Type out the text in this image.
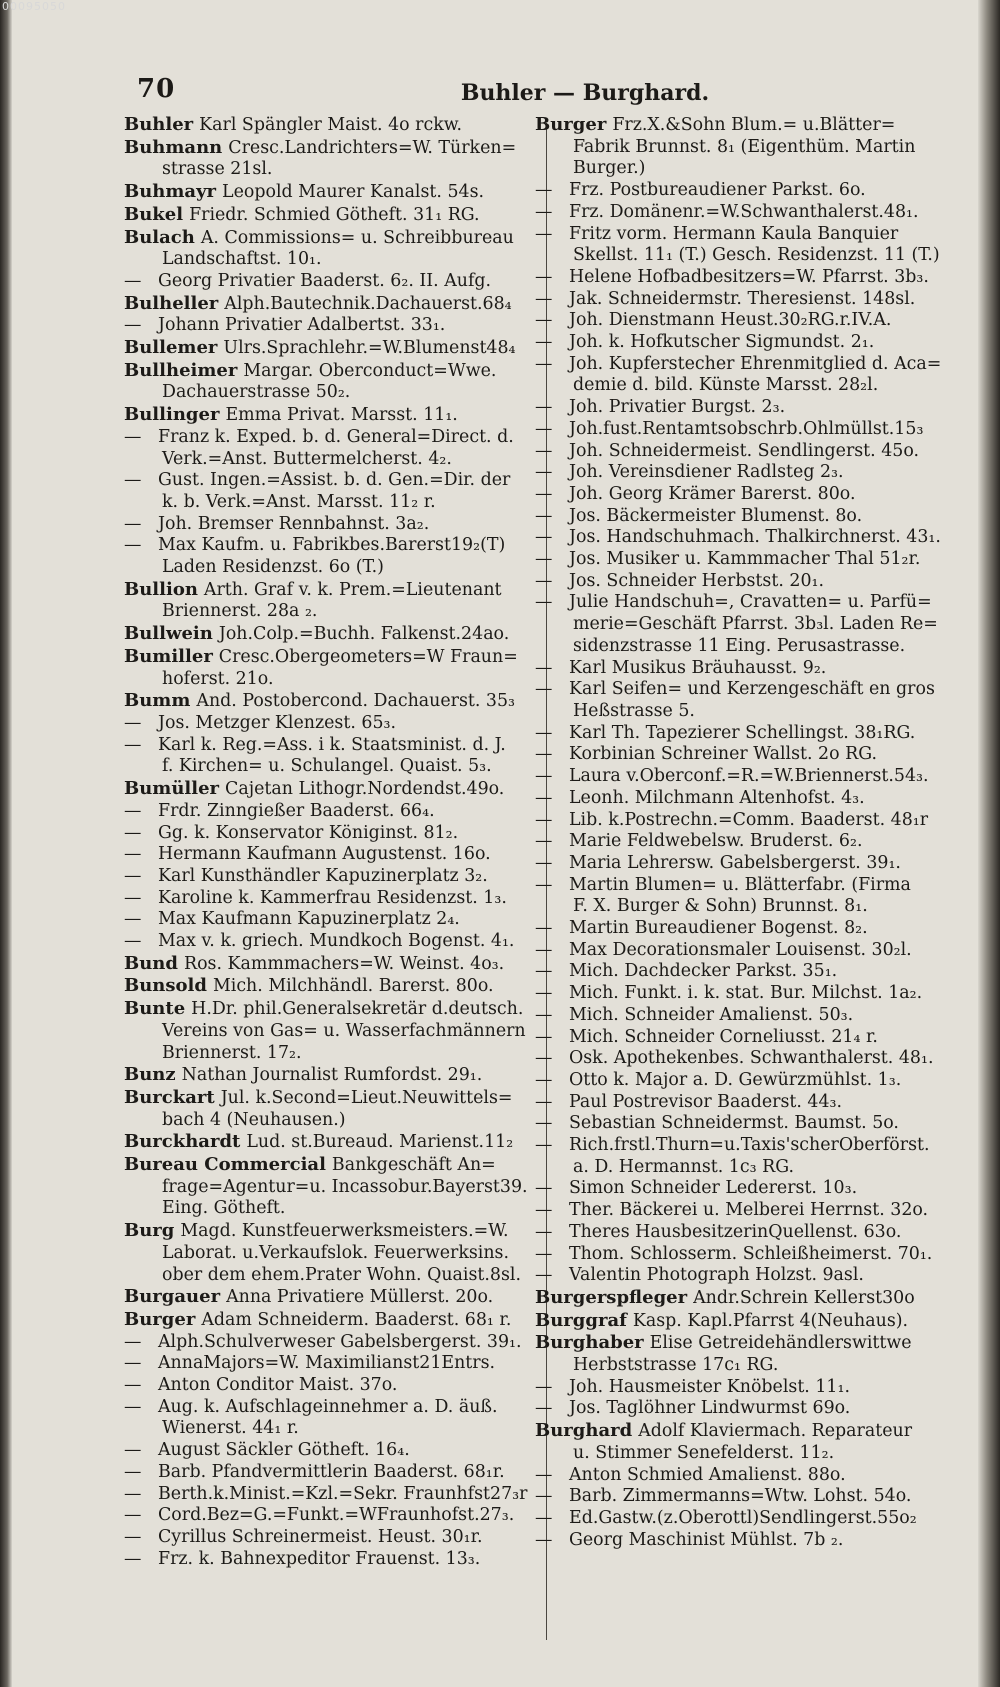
00095050
70	Buhler — Burghard.
Buhler Karl Spängler Maist. 4o rckw.
Buhmann Cresc.Landrichters=W. Türken=
strasse 21sl.
Buhmayr Leopold Maurer Kanalst. 54s.
Bukel Friedr. Schmied Götheft. 31₁ RG.
Bulach A. Commissions= u. Schreibbureau
Landschaftst. 10₁.
— Georg Privatier Baaderst. 6₂. II. Aufg.
Bulheller Alph.Bautechnik.Dachauerst.68₄
— Johann Privatier Adalbertst. 33₁.
Bullemer Ulrs.Sprachlehr.=W.Blumenst48₄
Bullheimer Margar. Oberconduct=Wwe.
Dachauerstrasse 50₂.
Bullinger Emma Privat. Marsst. 11₁.
— Franz k. Exped. b. d. General=Direct. d.
Verk.=Anst. Buttermelcherst. 4₂.
— Gust. Ingen.=Assist. b. d. Gen.=Dir. der
k. b. Verk.=Anst. Marsst. 11₂ r.
— Joh. Bremser Rennbahnst. 3a₂.
— Max Kaufm. u. Fabrikbes.Barerst19₂(T)
Laden Residenzst. 6o (T.)
Bullion Arth. Graf v. k. Prem.=Lieutenant
Briennerst. 28a ₂.
Bullwein Joh.Colp.=Buchh. Falkenst.24ao.
Bumiller Cresc.Obergeometers=W Fraun=
hoferst. 21o.
Bumm And. Postobercond. Dachauerst. 35₃
— Jos. Metzger Klenzest. 65₃.
— Karl k. Reg.=Ass. i k. Staatsminist. d. J.
f. Kirchen= u. Schulangel. Quaist. 5₃.
Bumüller Cajetan Lithogr.Nordendst.49o.
— Frdr. Zinngießer Baaderst. 66₄.
— Gg. k. Konservator Königinst. 81₂.
— Hermann Kaufmann Augustenst. 16o.
— Karl Kunsthändler Kapuzinerplatz 3₂.
— Karoline k. Kammerfrau Residenzst. 1₃.
— Max Kaufmann Kapuzinerplatz 2₄.
— Max v. k. griech. Mundkoch Bogenst. 4₁.
Bund Ros. Kammmachers=W. Weinst. 4o₃.
Bunsold Mich. Milchhändl. Barerst. 80o.
Bunte H.Dr. phil.Generalsekretär d.deutsch.
Vereins von Gas= u. Wasserfachmännern
Briennerst. 17₂.
Bunz Nathan Journalist Rumfordst. 29₁.
Burckart Jul. k.Second=Lieut.Neuwittels=
bach 4 (Neuhausen.)
Burckhardt Lud. st.Bureaud. Marienst.11₂
Bureau Commercial Bankgeschäft An=
frage=Agentur=u. Incassobur.Bayerst39.
Eing. Götheft.
Burg Magd. Kunstfeuerwerksmeisters.=W.
Laborat. u.Verkaufslok. Feuerwerksins.
ober dem ehem.Prater Wohn. Quaist.8sl.
Burgauer Anna Privatiere Müllerst. 20o.
Burger Adam Schneiderm. Baaderst. 68₁ r.
— Alph.Schulverweser Gabelsbergerst. 39₁.
— AnnaMajors=W. Maximilianst21Entrs.
— Anton Conditor Maist. 37o.
— Aug. k. Aufschlageinnehmer a. D. äuß.
Wienerst. 44₁ r.
— August Säckler Götheft. 16₄.
— Barb. Pfandvermittlerin Baaderst. 68₁r.
— Berth.k.Minist.=Kzl.=Sekr. Fraunhfst27₃r
— Cord.Bez=G.=Funkt.=WFraunhofst.27₃.
— Cyrillus Schreinermeist. Heust. 30₁r.
— Frz. k. Bahnexpeditor Frauenst. 13₃.
Burger Frz.X.&Sohn Blum.= u.Blätter=
Fabrik Brunnst. 8₁ (Eigenthüm. Martin
Burger.)
— Frz. Postbureaudiener Parkst. 6o.
— Frz. Domänenr.=W.Schwanthalerst.48₁.
— Fritz vorm. Hermann Kaula Banquier
Skellst. 11₁ (T.) Gesch. Residenzst. 11 (T.)
— Helene Hofbadbesitzers=W. Pfarrst. 3b₃.
— Jak. Schneidermstr. Theresienst. 148sl.
— Joh. Dienstmann Heust.30₂RG.r.IV.A.
— Joh. k. Hofkutscher Sigmundst. 2₁.
— Joh. Kupferstecher Ehrenmitglied d. Aca=
demie d. bild. Künste Marsst. 28₂l.
— Joh. Privatier Burgst. 2₃.
— Joh.fust.Rentamtsobschrb.Ohlmüllst.15₃
— Joh. Schneidermeist. Sendlingerst. 45o.
— Joh. Vereinsdiener Radlsteg 2₃.
— Joh. Georg Krämer Barerst. 80o.
— Jos. Bäckermeister Blumenst. 8o.
— Jos. Handschuhmach. Thalkirchnerst. 43₁.
— Jos. Musiker u. Kammmacher Thal 51₂r.
— Jos. Schneider Herbstst. 20₁.
— Julie Handschuh=, Cravatten= u. Parfü=
merie=Geschäft Pfarrst. 3b₃l. Laden Re=
sidenzstrasse 11 Eing. Perusastrasse.
— Karl Musikus Bräuhausst. 9₂.
— Karl Seifen= und Kerzengeschäft en gros
Heßstrasse 5.
— Karl Th. Tapezierer Schellingst. 38₁RG.
— Korbinian Schreiner Wallst. 2o RG.
— Laura v.Oberconf.=R.=W.Briennerst.54₃.
— Leonh. Milchmann Altenhofst. 4₃.
— Lib. k.Postrechn.=Comm. Baaderst. 48₁r
— Marie Feldwebelsw. Bruderst. 6₂.
— Maria Lehrersw. Gabelsbergerst. 39₁.
— Martin Blumen= u. Blätterfabr. (Firma
F. X. Burger & Sohn) Brunnst. 8₁.
— Martin Bureaudiener Bogenst. 8₂.
— Max Decorationsmaler Louisenst. 30₂l.
— Mich. Dachdecker Parkst. 35₁.
— Mich. Funkt. i. k. stat. Bur. Milchst. 1a₂.
— Mich. Schneider Amalienst. 50₃.
— Mich. Schneider Corneliusst. 21₄ r.
— Osk. Apothekenbes. Schwanthalerst. 48₁.
— Otto k. Major a. D. Gewürzmühlst. 1₃.
— Paul Postrevisor Baaderst. 44₃.
— Sebastian Schneidermst. Baumst. 5o.
— Rich.frstl.Thurn=u.Taxis'scherOberförst.
a. D. Hermannst. 1c₃ RG.
— Simon Schneider Ledererst. 10₃.
— Ther. Bäckerei u. Melberei Herrnst. 32o.
— Theres HausbesitzerinQuellenst. 63o.
— Thom. Schlosserm. Schleißheimerst. 70₁.
— Valentin Photograph Holzst. 9asl.
Burgerspfleger Andr.Schrein Kellerst30o
Burggraf Kasp. Kapl.Pfarrst 4(Neuhaus).
Burghaber Elise Getreidehändlerswittwe
Herbststrasse 17c₁ RG.
— Joh. Hausmeister Knöbelst. 11₁.
— Jos. Taglöhner Lindwurmst 69o.
Burghard Adolf Klaviermach. Reparateur
u. Stimmer Senefelderst. 11₂.
— Anton Schmied Amalienst. 88o.
— Barb. Zimmermanns=Wtw. Lohst. 54o.
— Ed.Gastw.(z.Oberottl)Sendlingerst.55o₂
— Georg Maschinist Mühlst. 7b ₂.
